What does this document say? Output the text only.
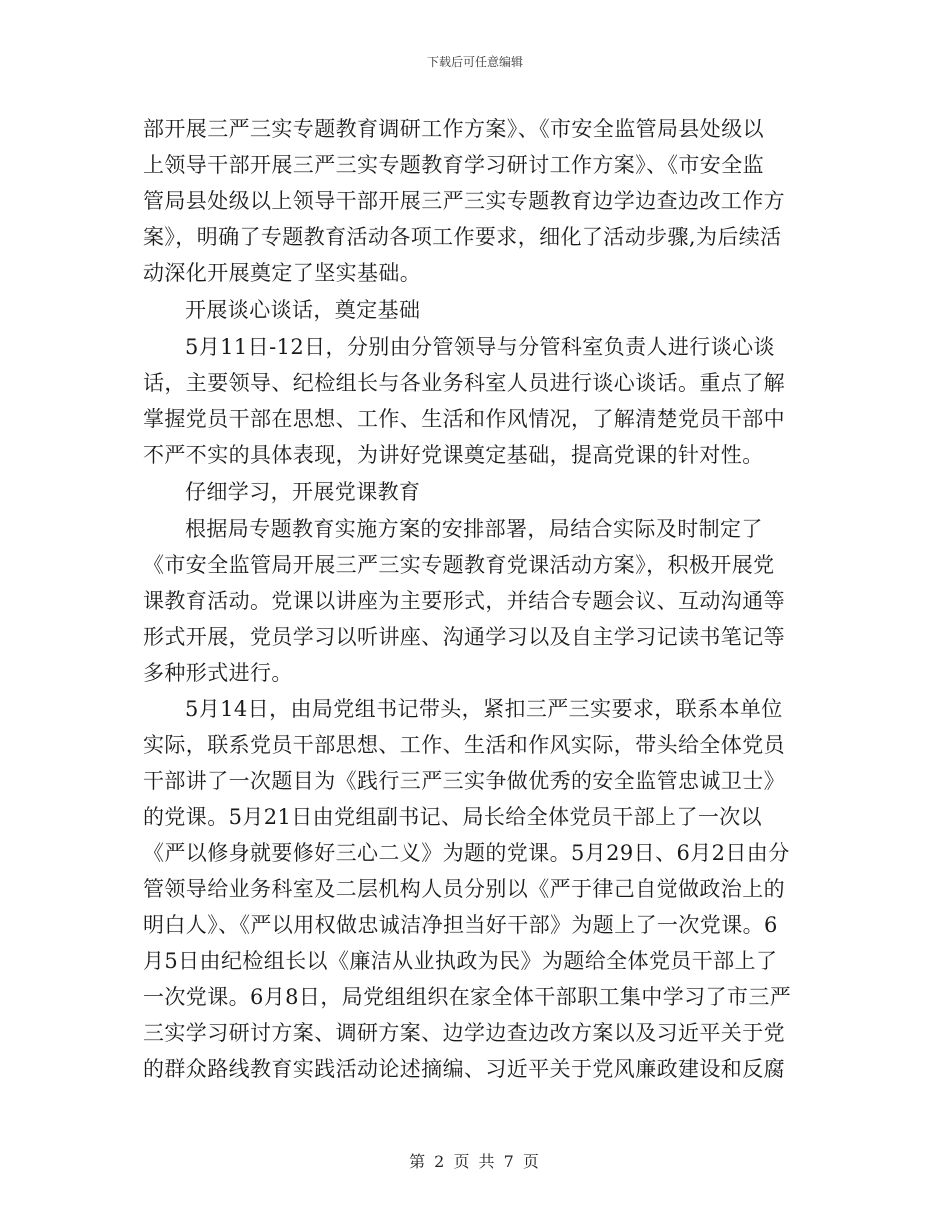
下载后可任意编辑
部开展三严三实专题教育调研工作方案》、《市安全监管局县处级以
上领导干部开展三严三实专题教育学习研讨工作方案》、《市安全监
管局县处级以上领导干部开展三严三实专题教育边学边查边改工作方
案》，明确了专题教育活动各项工作要求，细化了活动步骤,为后续活
动深化开展奠定了坚实基础。
开展谈心谈话，奠定基础
5月11日-12日，分别由分管领导与分管科室负责人进行谈心谈
话，主要领导、纪检组长与各业务科室人员进行谈心谈话。重点了解
掌握党员干部在思想、工作、生活和作风情况，了解清楚党员干部中
不严不实的具体表现，为讲好党课奠定基础，提高党课的针对性。
仔细学习，开展党课教育
根据局专题教育实施方案的安排部署，局结合实际及时制定了
《市安全监管局开展三严三实专题教育党课活动方案》，积极开展党
课教育活动。党课以讲座为主要形式，并结合专题会议、互动沟通等
形式开展，党员学习以听讲座、沟通学习以及自主学习记读书笔记等
多种形式进行。
5月14日，由局党组书记带头，紧扣三严三实要求，联系本单位
实际，联系党员干部思想、工作、生活和作风实际，带头给全体党员
干部讲了一次题目为《践行三严三实争做优秀的安全监管忠诚卫士》
的党课。5月21日由党组副书记、局长给全体党员干部上了一次以
《严以修身就要修好三心二义》为题的党课。5月29日、6月2日由分
管领导给业务科室及二层机构人员分别以《严于律己自觉做政治上的
明白人》、《严以用权做忠诚洁净担当好干部》为题上了一次党课。6
月5日由纪检组长以《廉洁从业执政为民》为题给全体党员干部上了
一次党课。6月8日，局党组组织在家全体干部职工集中学习了市三严
三实学习研讨方案、调研方案、边学边查边改方案以及习近平关于党
的群众路线教育实践活动论述摘编、习近平关于党风廉政建设和反腐
第 2 页 共 7 页
